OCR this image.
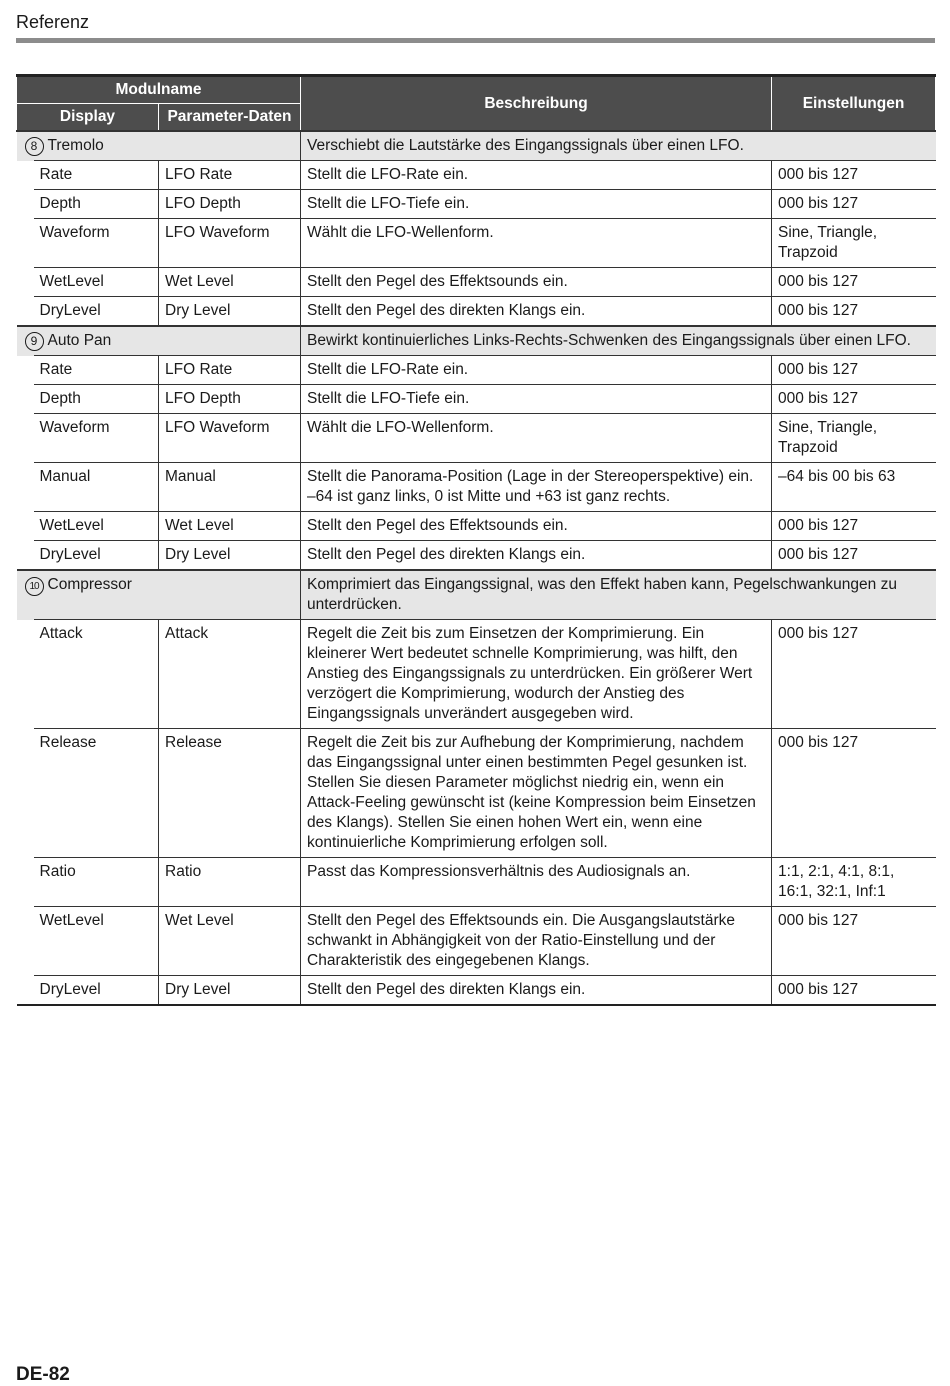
Referenz
Modulname			Beschreibung	Einstellungen
Display		Parameter-Daten		
8 Tremolo			Verschiebt die Lautstärke des Eingangssignals über einen LFO.	
	Rate	LFO Rate	Stellt die LFO-Rate ein.	000 bis 127
	Depth	LFO Depth	Stellt die LFO-Tiefe ein.	000 bis 127
	Waveform	LFO Waveform	Wählt die LFO-Wellenform.	Sine, Triangle, Trapzoid
	WetLevel	Wet Level	Stellt den Pegel des Effektsounds ein.	000 bis 127
	DryLevel	Dry Level	Stellt den Pegel des direkten Klangs ein.	000 bis 127
9 Auto Pan			Bewirkt kontinuierliches Links-Rechts-Schwenken des Eingangssignals über einen LFO.	
	Rate	LFO Rate	Stellt die LFO-Rate ein.	000 bis 127
	Depth	LFO Depth	Stellt die LFO-Tiefe ein.	000 bis 127
	Waveform	LFO Waveform	Wählt die LFO-Wellenform.	Sine, Triangle, Trapzoid
	Manual	Manual	Stellt die Panorama-Position (Lage in der Stereoperspektive) ein. –64 ist ganz links, 0 ist Mitte und +63 ist ganz rechts.	–64 bis 00 bis 63
	WetLevel	Wet Level	Stellt den Pegel des Effektsounds ein.	000 bis 127
	DryLevel	Dry Level	Stellt den Pegel des direkten Klangs ein.	000 bis 127
10 Compressor			Komprimiert das Eingangssignal, was den Effekt haben kann, Pegelschwankungen zu unterdrücken.	
	Attack	Attack	Regelt die Zeit bis zum Einsetzen der Komprimierung. Ein kleinerer Wert bedeutet schnelle Komprimierung, was hilft, den Anstieg des Eingangssignals zu unterdrücken. Ein größerer Wert verzögert die Komprimierung, wodurch der Anstieg des Eingangssignals unverändert ausgegeben wird.	000 bis 127
	Release	Release	Regelt die Zeit bis zur Aufhebung der Komprimierung, nachdem das Eingangssignal unter einen bestimmten Pegel gesunken ist. Stellen Sie diesen Parameter möglichst niedrig ein, wenn ein Attack-Feeling gewünscht ist (keine Kompression beim Einsetzen des Klangs). Stellen Sie einen hohen Wert ein, wenn eine kontinuierliche Komprimierung erfolgen soll.	000 bis 127
	Ratio	Ratio	Passt das Kompressionsverhältnis des Audiosignals an.	1:1, 2:1, 4:1, 8:1, 16:1, 32:1, Inf:1
	WetLevel	Wet Level	Stellt den Pegel des Effektsounds ein. Die Ausgangslautstärke schwankt in Abhängigkeit von der Ratio-Einstellung und der Charakteristik des eingegebenen Klangs.	000 bis 127
	DryLevel	Dry Level	Stellt den Pegel des direkten Klangs ein.	000 bis 127
DE-82
